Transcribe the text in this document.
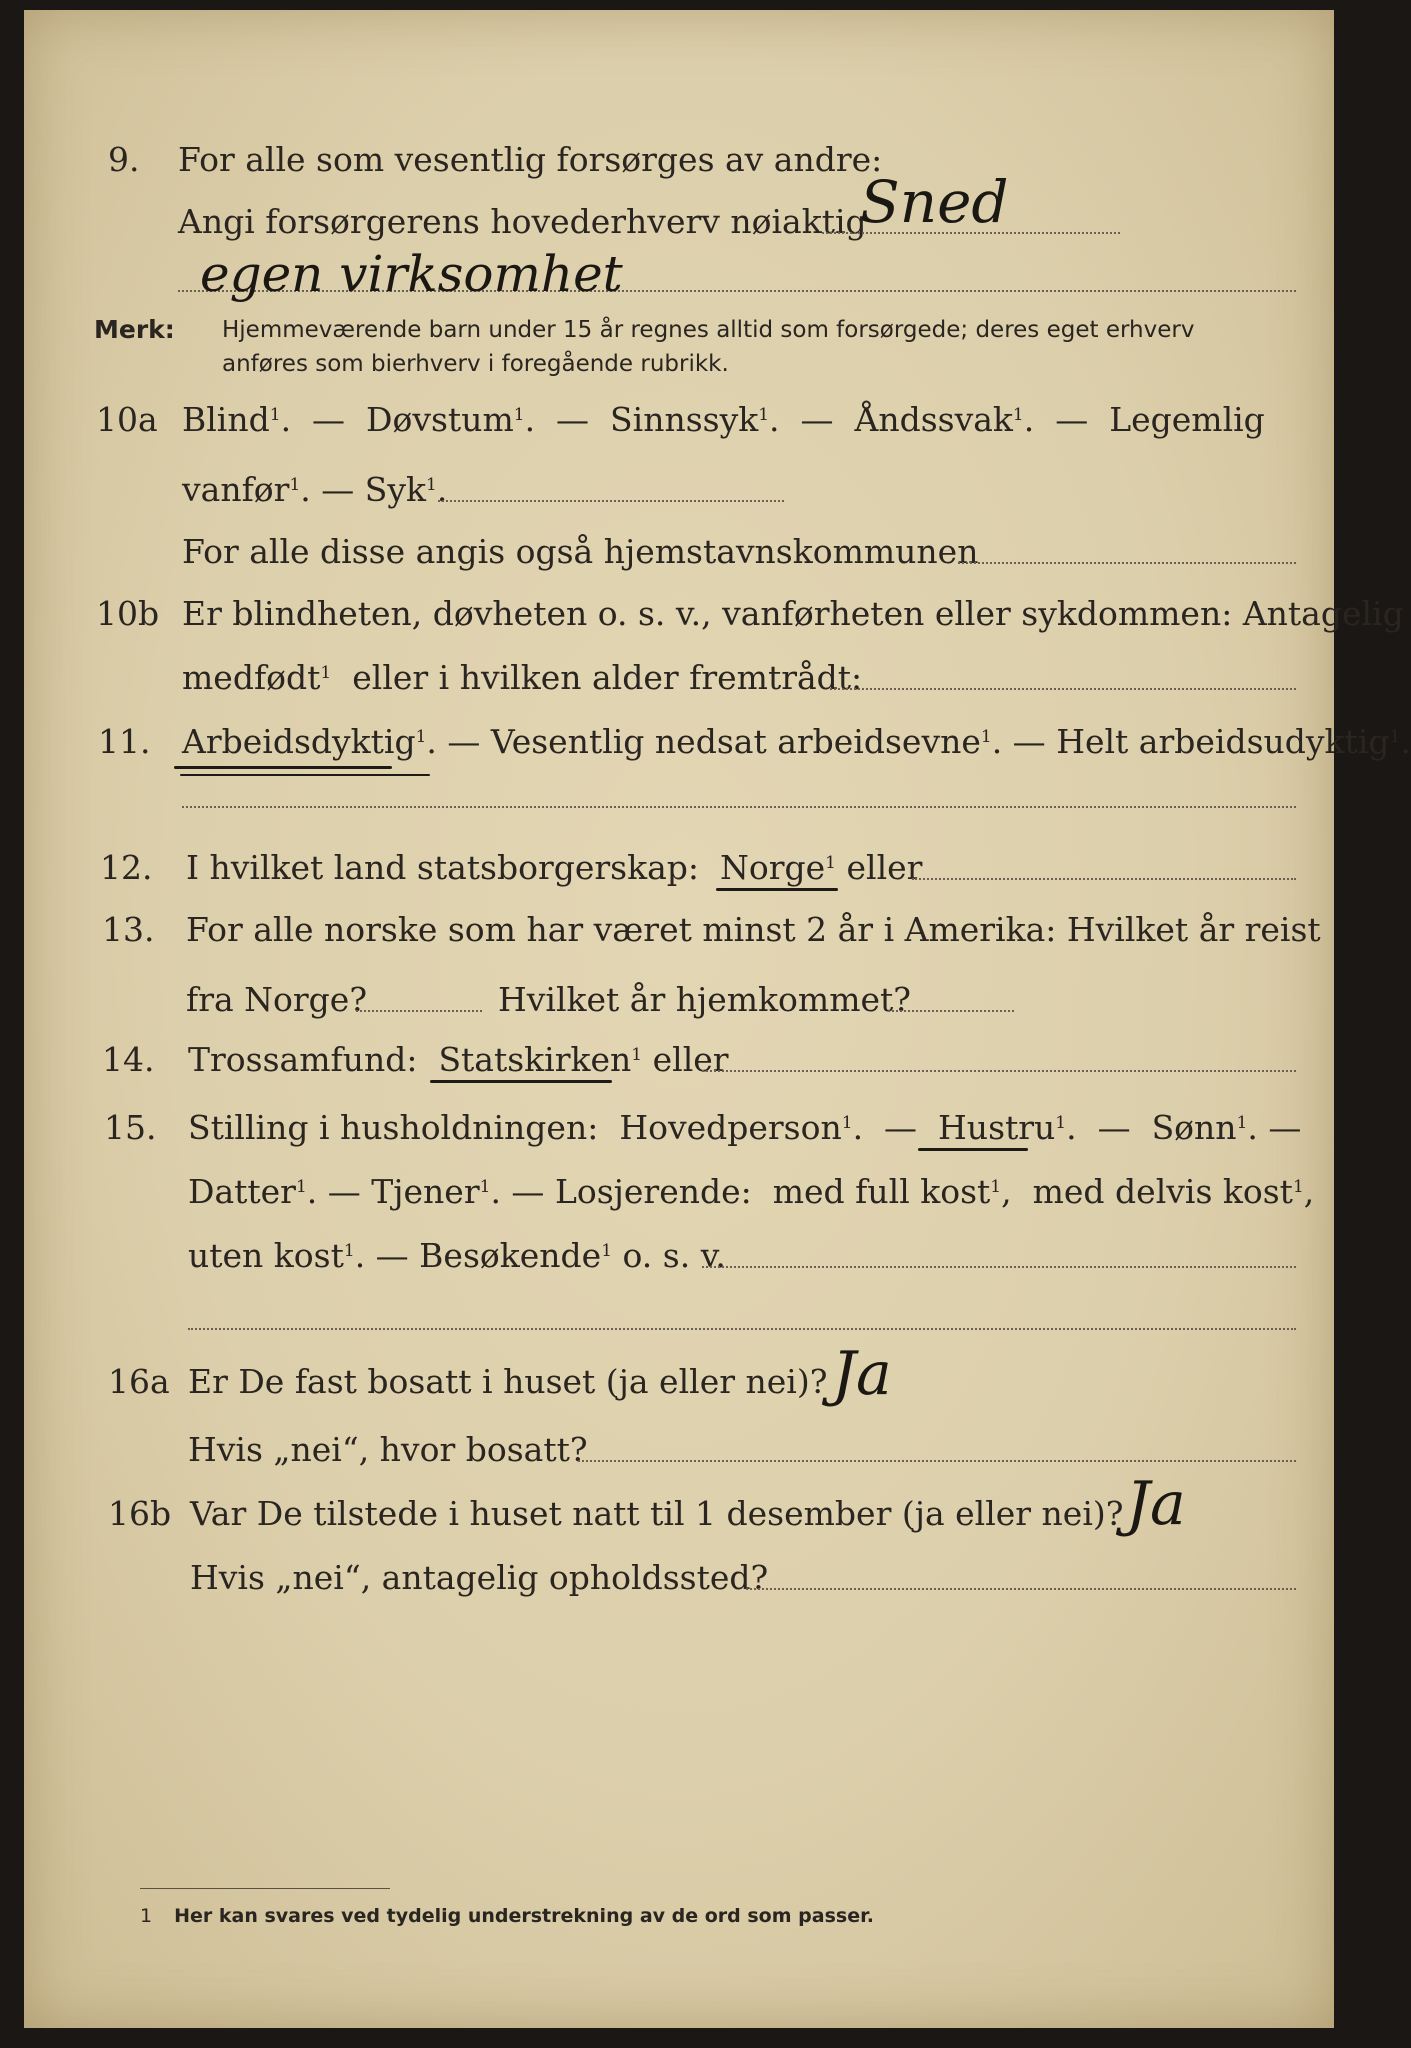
9. For alle som vesentlig forsørges av andre:
Angi forsørgerens hovederhverv nøiaktig
Sned
egen virksomhet
Merk: Hjemmeværende barn under 15 år regnes alltid som forsørgede; deres eget erhverv
anføres som bierhverv i foregående rubrikk.
10a Blind$^1$.  —  Døvstum$^1$.  —  Sinnssyk$^1$.  —  Åndssvak$^1$.  —  Legemlig
vanfør$^1$. — Syk$^1$.
For alle disse angis også hjemstavnskommunen
10b Er blindheten, døvheten o. s. v., vanførheten eller sykdommen: Antagelig
medfødt$^1$ eller i hvilken alder fremtrådt:
11. Arbeidsdyktig$^1$. — Vesentlig nedsat arbeidsevne$^1$. — Helt arbeidsudyktig$^1$.
12. I hvilket land statsborgerskap: Norge$^1$ eller
13. For alle norske som har været minst 2 år i Amerika: Hvilket år reist
fra Norge?	Hvilket år hjemkommet?
14. Trossamfund: Statskirken$^1$ eller
15. Stilling i husholdningen: Hovedperson$^1$.  —  Hustru$^1$.  —  Sønn$^1$. —
Datter$^1$. — Tjener$^1$. — Losjerende: med full kost$^1$,  med delvis kost$^1$,
uten kost$^1$. — Besøkende$^1$ o. s. v.
16a Er De fast bosatt i huset (ja eller nei)? Ja
Hvis „nei“, hvor bosatt?
16b Var De tilstede i huset natt til 1 desember (ja eller nei)? Ja
Hvis „nei“, antagelig opholdssted?
1 Her kan svares ved tydelig understrekning av de ord som passer.
